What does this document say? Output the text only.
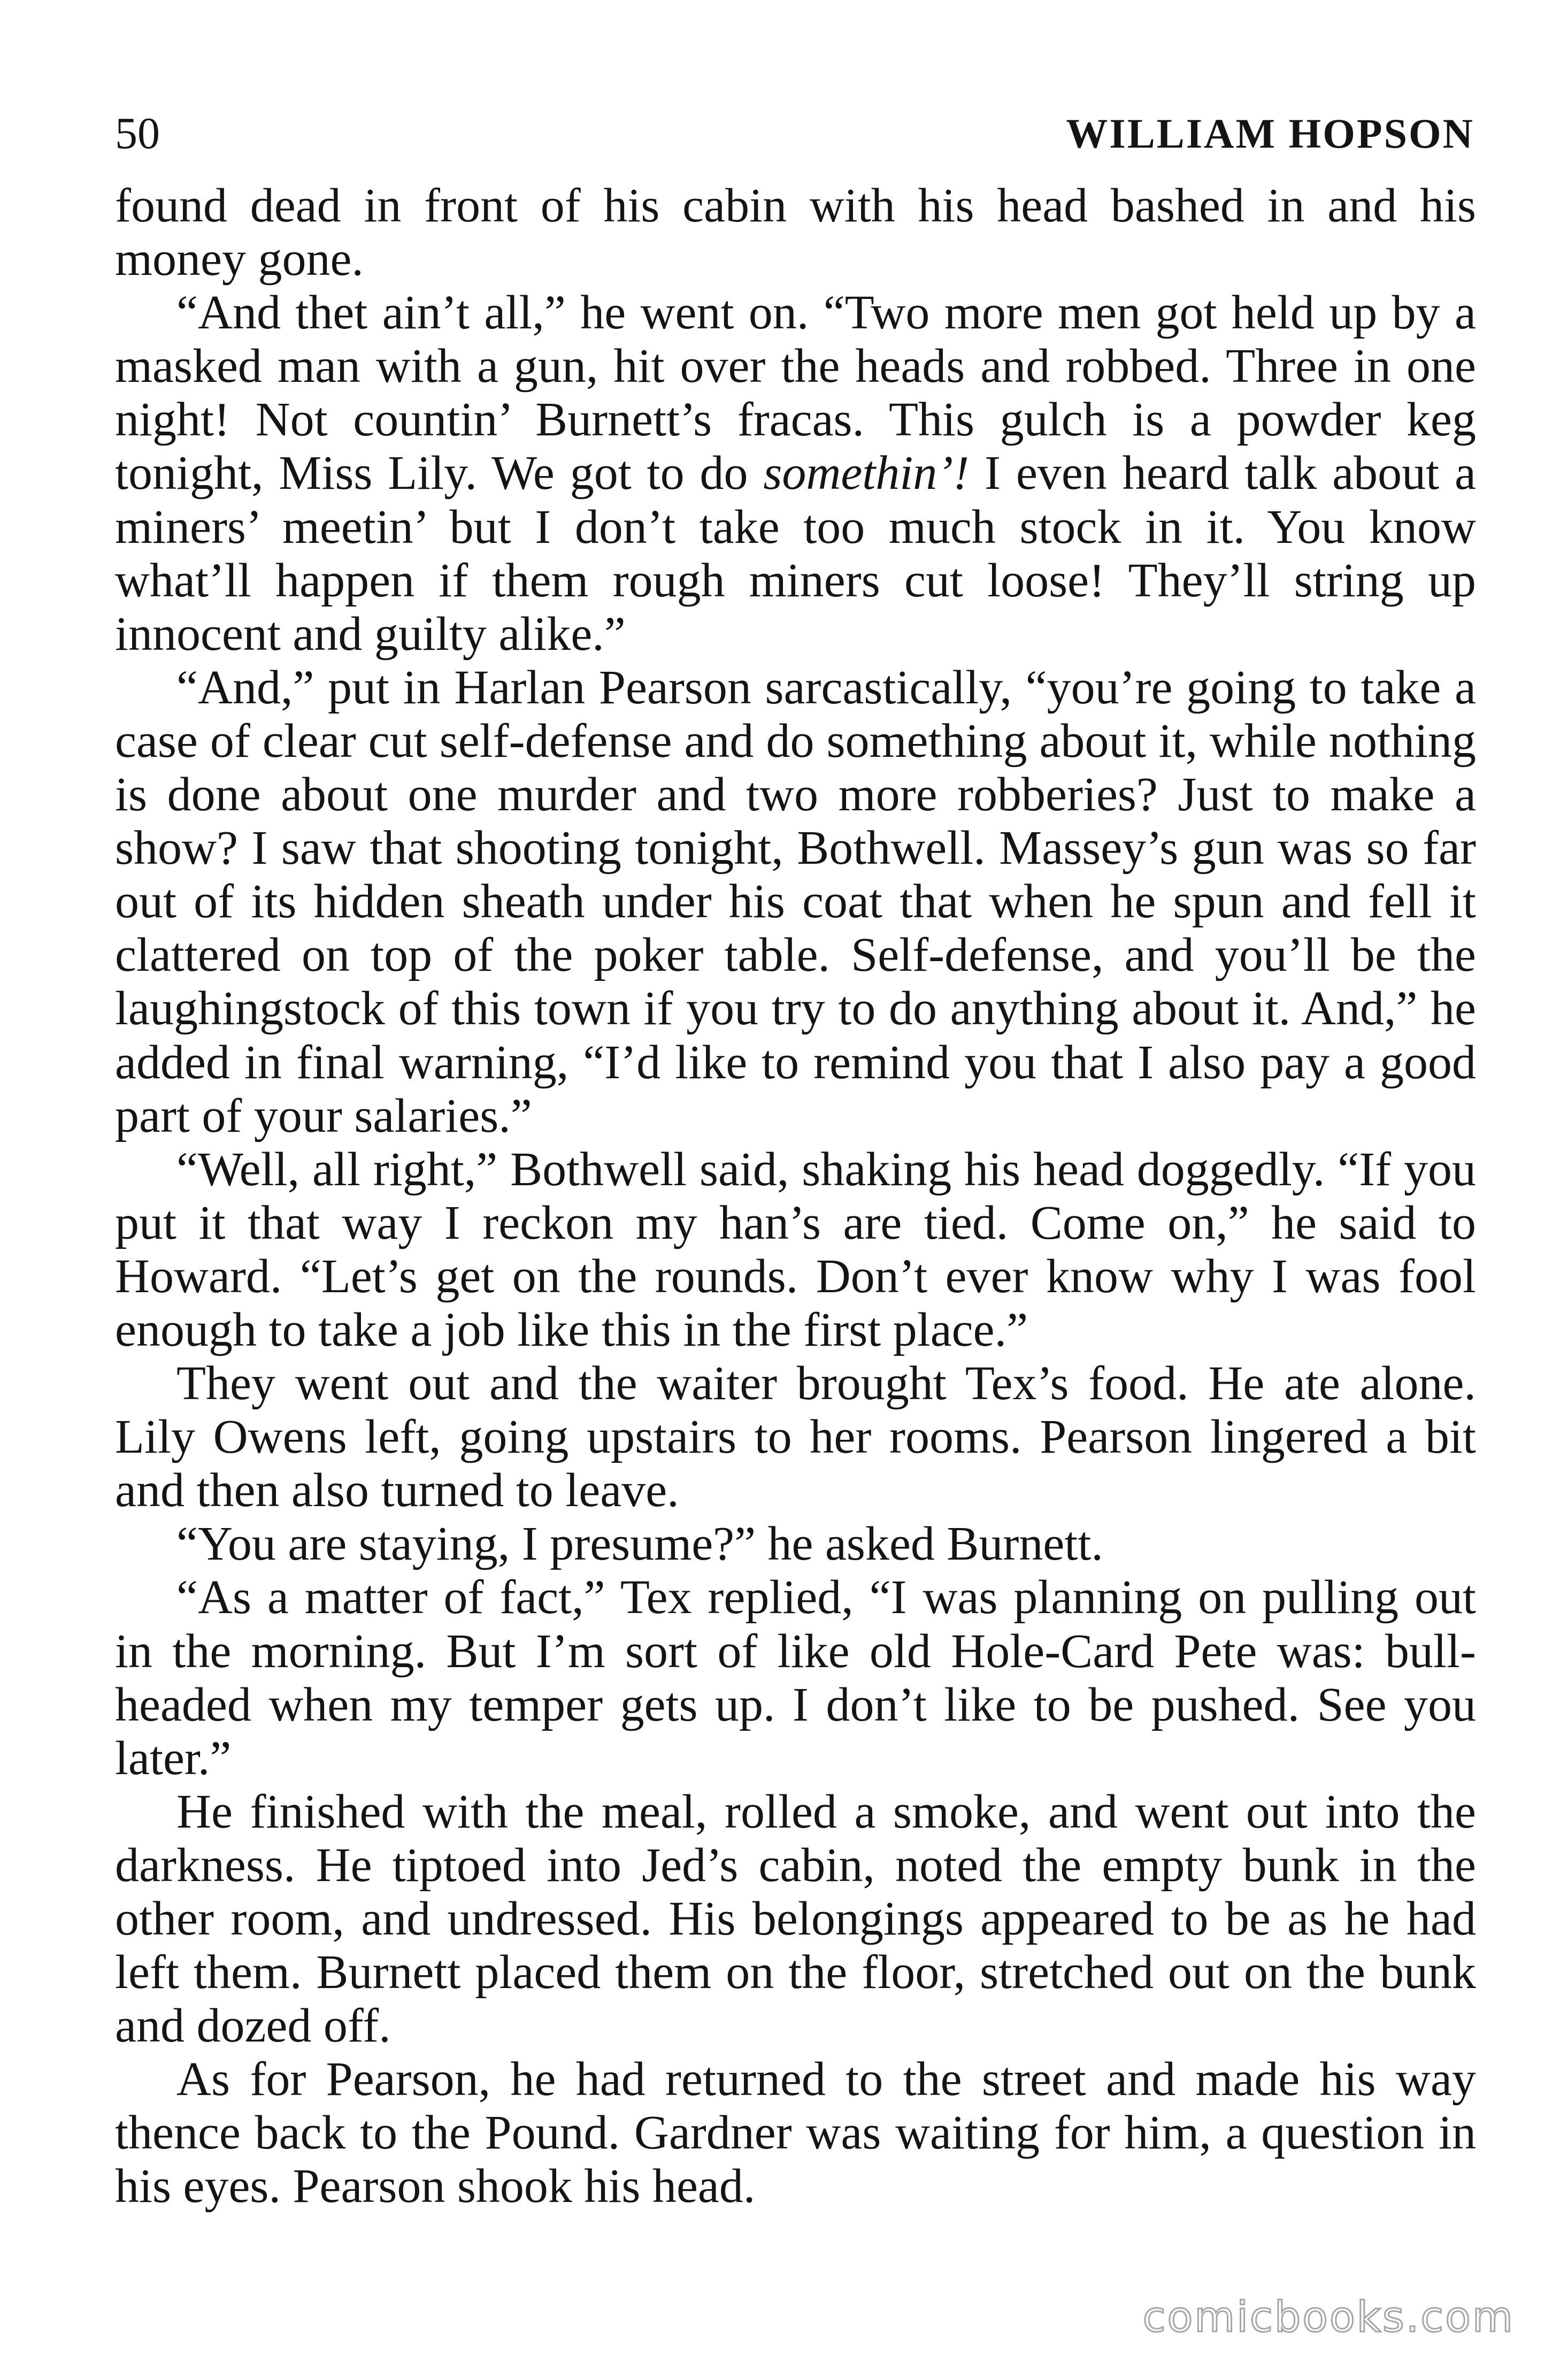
50	WILLIAM HOPSON

found dead in front of his cabin with his head bashed in and his money gone.

“And thet ain’t all,” he went on. “Two more men got held up by a masked man with a gun, hit over the heads and robbed. Three in one night! Not countin’ Burnett’s fracas. This gulch is a powder keg tonight, Miss Lily. We got to do somethin’! I even heard talk about a miners’ meetin’ but I don’t take too much stock in it. You know what’ll happen if them rough miners cut loose! They’ll string up innocent and guilty alike.”

“And,” put in Harlan Pearson sarcastically, “you’re going to take a case of clear cut self-defense and do something about it, while nothing is done about one murder and two more robberies? Just to make a show? I saw that shooting tonight, Bothwell. Massey’s gun was so far out of its hidden sheath under his coat that when he spun and fell it clattered on top of the poker table. Self-defense, and you’ll be the laughingstock of this town if you try to do anything about it. And,” he added in final warning, “I’d like to remind you that I also pay a good part of your salaries.”

“Well, all right,” Bothwell said, shaking his head doggedly. “If you put it that way I reckon my han’s are tied. Come on,” he said to Howard. “Let’s get on the rounds. Don’t ever know why I was fool enough to take a job like this in the first place.”

They went out and the waiter brought Tex’s food. He ate alone. Lily Owens left, going upstairs to her rooms. Pearson lingered a bit and then also turned to leave.

“You are staying, I presume?” he asked Burnett.

“As a matter of fact,” Tex replied, “I was planning on pulling out in the morning. But I’m sort of like old Hole-Card Pete was: bull-headed when my temper gets up. I don’t like to be pushed. See you later.”

He finished with the meal, rolled a smoke, and went out into the darkness. He tiptoed into Jed’s cabin, noted the empty bunk in the other room, and undressed. His belongings appeared to be as he had left them. Burnett placed them on the floor, stretched out on the bunk and dozed off.

As for Pearson, he had returned to the street and made his way thence back to the Pound. Gardner was waiting for him, a question in his eyes. Pearson shook his head.

comicbooks.com
